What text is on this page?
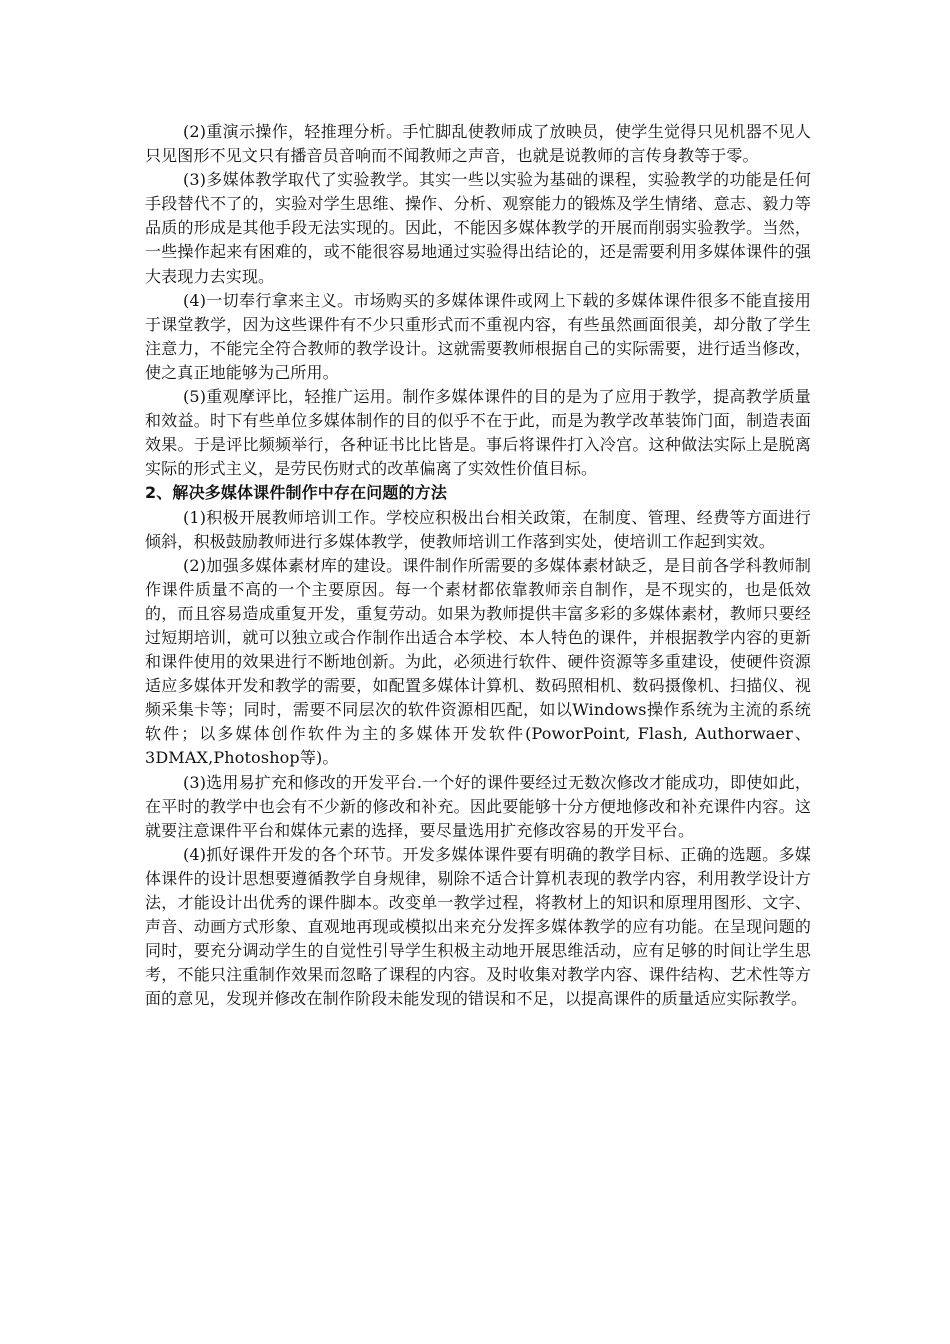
(2)重演示操作，轻推理分析。手忙脚乱使教师成了放映员，使学生觉得只见机器不见人只见图形不见文只有播音员音响而不闻教师之声音，也就是说教师的言传身教等于零。

(3)多媒体教学取代了实验教学。其实一些以实验为基础的课程，实验教学的功能是任何手段替代不了的，实验对学生思维、操作、分析、观察能力的锻炼及学生情绪、意志、毅力等品质的形成是其他手段无法实现的。因此，不能因多媒体教学的开展而削弱实验教学。当然，一些操作起来有困难的，或不能很容易地通过实验得出结论的，还是需要利用多媒体课件的强大表现力去实现。

(4)一切奉行拿来主义。市场购买的多媒体课件或网上下载的多媒体课件很多不能直接用于课堂教学，因为这些课件有不少只重形式而不重视内容，有些虽然画面很美，却分散了学生注意力，不能完全符合教师的教学设计。这就需要教师根据自己的实际需要，进行适当修改，使之真正地能够为己所用。

(5)重观摩评比，轻推广运用。制作多媒体课件的目的是为了应用于教学，提高教学质量和效益。时下有些单位多媒体制作的目的似乎不在于此，而是为教学改革装饰门面，制造表面效果。于是评比频频举行，各种证书比比皆是。事后将课件打入冷宫。这种做法实际上是脱离实际的形式主义，是劳民伤财式的改革偏离了实效性价值目标。

2、解决多媒体课件制作中存在问题的方法

(1)积极开展教师培训工作。学校应积极出台相关政策，在制度、管理、经费等方面进行倾斜，积极鼓励教师进行多媒体教学，使教师培训工作落到实处，使培训工作起到实效。

(2)加强多媒体素材库的建设。课件制作所需要的多媒体素材缺乏，是目前各学科教师制作课件质量不高的一个主要原因。每一个素材都依靠教师亲自制作，是不现实的，也是低效的，而且容易造成重复开发，重复劳动。如果为教师提供丰富多彩的多媒体素材，教师只要经过短期培训，就可以独立或合作制作出适合本学校、本人特色的课件，并根据教学内容的更新和课件使用的效果进行不断地创新。为此，必须进行软件、硬件资源等多重建设，使硬件资源适应多媒体开发和教学的需要，如配置多媒体计算机、数码照相机、数码摄像机、扫描仪、视频采集卡等；同时，需要不同层次的软件资源相匹配，如以Windows操作系统为主流的系统软件；以多媒体创作软件为主的多媒体开发软件(PoworPoint, Flash, Authorwaer、3DMAX,Photoshop等)。

(3)选用易扩充和修改的开发平台.一个好的课件要经过无数次修改才能成功，即使如此，在平时的教学中也会有不少新的修改和补充。因此要能够十分方便地修改和补充课件内容。这就要注意课件平台和媒体元素的选择，要尽量选用扩充修改容易的开发平台。

(4)抓好课件开发的各个环节。开发多媒体课件要有明确的教学目标、正确的选题。多媒体课件的设计思想要遵循教学自身规律，剔除不适合计算机表现的教学内容，利用教学设计方法，才能设计出优秀的课件脚本。改变单一教学过程，将教材上的知识和原理用图形、文字、声音、动画方式形象、直观地再现或模拟出来充分发挥多媒体教学的应有功能。在呈现问题的同时，要充分调动学生的自觉性引导学生积极主动地开展思维活动，应有足够的时间让学生思考，不能只注重制作效果而忽略了课程的内容。及时收集对教学内容、课件结构、艺术性等方面的意见，发现并修改在制作阶段未能发现的错误和不足，以提高课件的质量适应实际教学。
